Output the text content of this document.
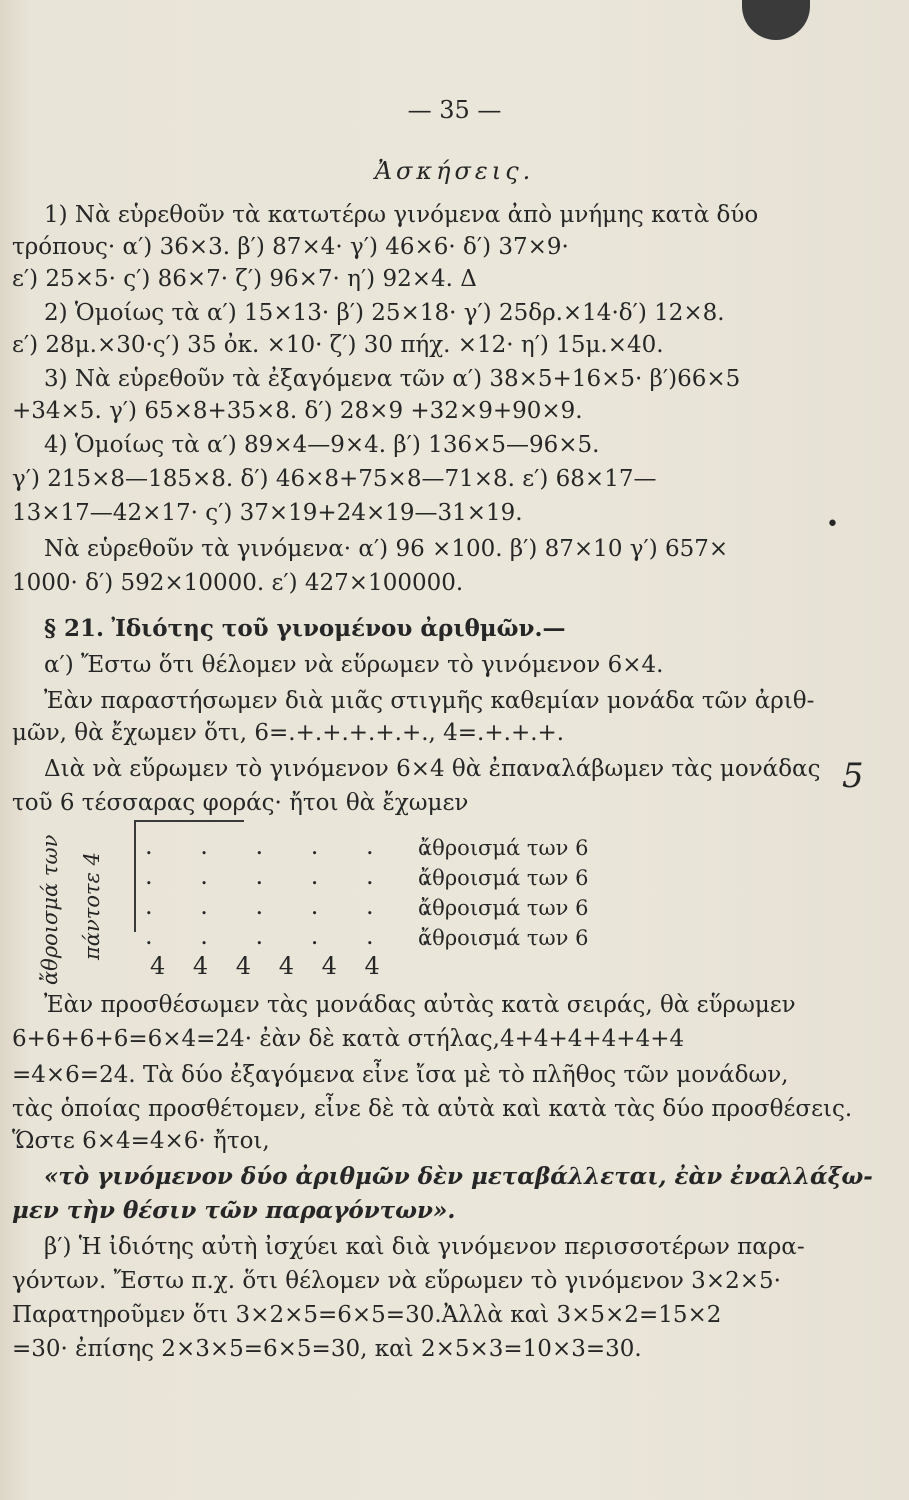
— 35 —
Ἀσκήσεις.
1) Νὰ εὑρεθοῦν τὰ κατωτέρω γινόμενα ἀπὸ μνήμης κατὰ δύο
τρόπους· α′) 36×3. β′) 87×4· γ′) 46×6· δ′) 37×9·
ε′) 25×5· ς′) 86×7· ζ′) 96×7· η′) 92×4. Δ
2) Ὁμοίως τὰ α′) 15×13· β′) 25×18· γ′) 25δρ.×14·δ′) 12×8.
ε′) 28μ.×30·ς′) 35 ὀκ. ×10· ζ′) 30 πήχ. ×12· η′) 15μ.×40.
3) Νὰ εὑρεθοῦν τὰ ἐξαγόμενα τῶν α′) 38×5+16×5· β′)66×5
+34×5. γ′) 65×8+35×8. δ′) 28×9 +32×9+90×9.
4) Ὁμοίως τὰ α′) 89×4—9×4. β′) 136×5—96×5.
γ′) 215×8—185×8. δ′) 46×8+75×8—71×8. ε′) 68×17—
13×17—42×17· ς′) 37×19+24×19—31×19.
Νὰ εὑρεθοῦν τὰ γινόμενα· α′) 96 ×100. β′) 87×10 γ′) 657×
1000· δ′) 592×10000. ε′) 427×100000.
•
§ 21. Ἰδιότης τοῦ γινομένου ἀριθμῶν.—
α′) Ἔστω ὅτι θέλομεν νὰ εὕρωμεν τὸ γινόμενον 6×4.
Ἐὰν παραστήσωμεν διὰ μιᾶς στιγμῆς καθεμίαν μονάδα τῶν ἀριθ-
μῶν, θὰ ἔχωμεν ὅτι, 6=.+.+.+.+.+., 4=.+.+.+.
Διὰ νὰ εὕρωμεν τὸ γινόμενον 6×4 θὰ ἐπαναλάβωμεν τὰς μονάδας
τοῦ 6 τέσσαρας φοράς· ἤτοι θὰ ἔχωμεν
5
ἄθροισμά των πάντοτε 4
. . . . . .
. . . . . .
. . . . . .
. . . . . .
ἄθροισμά των 6
ἄθροισμά των 6
ἄθροισμά των 6
ἄθροισμά των 6
4 4 4 4 4 4
Ἐὰν προσθέσωμεν τὰς μονάδας αὐτὰς κατὰ σειράς, θὰ εὕρωμεν
6+6+6+6=6×4=24· ἐὰν δὲ κατὰ στήλας,4+4+4+4+4+4
=4×6=24. Τὰ δύο ἐξαγόμενα εἶνε ἴσα μὲ τὸ πλῆθος τῶν μονάδων,
τὰς ὁποίας προσθέτομεν, εἶνε δὲ τὰ αὐτὰ καὶ κατὰ τὰς δύο προσθέσεις.
Ὥστε 6×4=4×6· ἤτοι,
«τὸ γινόμενον δύο ἀριθμῶν δὲν μεταβάλλεται, ἐὰν ἐναλλάξω-
μεν τὴν θέσιν τῶν παραγόντων».
β′) Ἡ ἰδιότης αὐτὴ ἰσχύει καὶ διὰ γινόμενον περισσοτέρων παρα-
γόντων. Ἔστω π.χ. ὅτι θέλομεν νὰ εὕρωμεν τὸ γινόμενον 3×2×5·
Παρατηροῦμεν ὅτι 3×2×5=6×5=30.Ἀλλὰ καὶ 3×5×2=15×2
=30· ἐπίσης 2×3×5=6×5=30, καὶ 2×5×3=10×3=30.
